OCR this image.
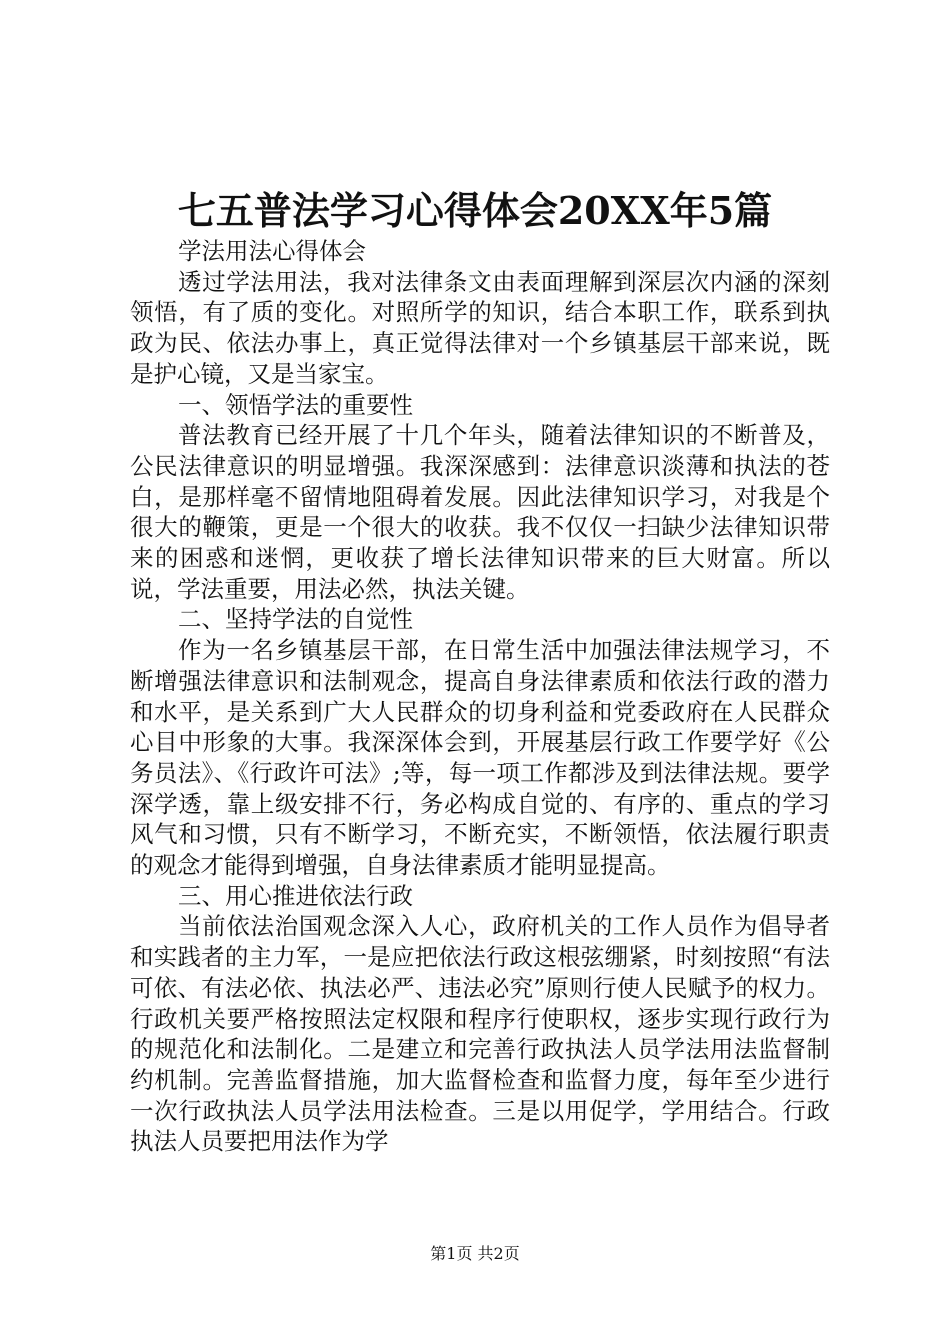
七五普法学习心得体会20XX年5篇

学法用法心得体会

透过学法用法，我对法律条文由表面理解到深层次内涵的深刻领悟，有了质的变化。对照所学的知识，结合本职工作，联系到执政为民、依法办事上，真正觉得法律对一个乡镇基层干部来说，既是护心镜，又是当家宝。

一、领悟学法的重要性

普法教育已经开展了十几个年头，随着法律知识的不断普及，公民法律意识的明显增强。我深深感到：法律意识淡薄和执法的苍白，是那样毫不留情地阻碍着发展。因此法律知识学习，对我是个很大的鞭策，更是一个很大的收获。我不仅仅一扫缺少法律知识带来的困惑和迷惘，更收获了增长法律知识带来的巨大财富。所以说，学法重要，用法必然，执法关键。

二、坚持学法的自觉性

作为一名乡镇基层干部，在日常生活中加强法律法规学习，不断增强法律意识和法制观念，提高自身法律素质和依法行政的潜力和水平，是关系到广大人民群众的切身利益和党委政府在人民群众心目中形象的大事。我深深体会到，开展基层行政工作要学好《公务员法》、《行政许可法》;等，每一项工作都涉及到法律法规。要学深学透，靠上级安排不行，务必构成自觉的、有序的、重点的学习风气和习惯，只有不断学习，不断充实，不断领悟，依法履行职责的观念才能得到增强，自身法律素质才能明显提高。

三、用心推进依法行政

当前依法治国观念深入人心，政府机关的工作人员作为倡导者和实践者的主力军，一是应把依法行政这根弦绷紧，时刻按照“有法可依、有法必依、执法必严、违法必究”原则行使人民赋予的权力。行政机关要严格按照法定权限和程序行使职权，逐步实现行政行为的规范化和法制化。二是建立和完善行政执法人员学法用法监督制约机制。完善监督措施，加大监督检查和监督力度，每年至少进行一次行政执法人员学法用法检查。三是以用促学，学用结合。行政执法人员要把用法作为学

第1页 共2页
